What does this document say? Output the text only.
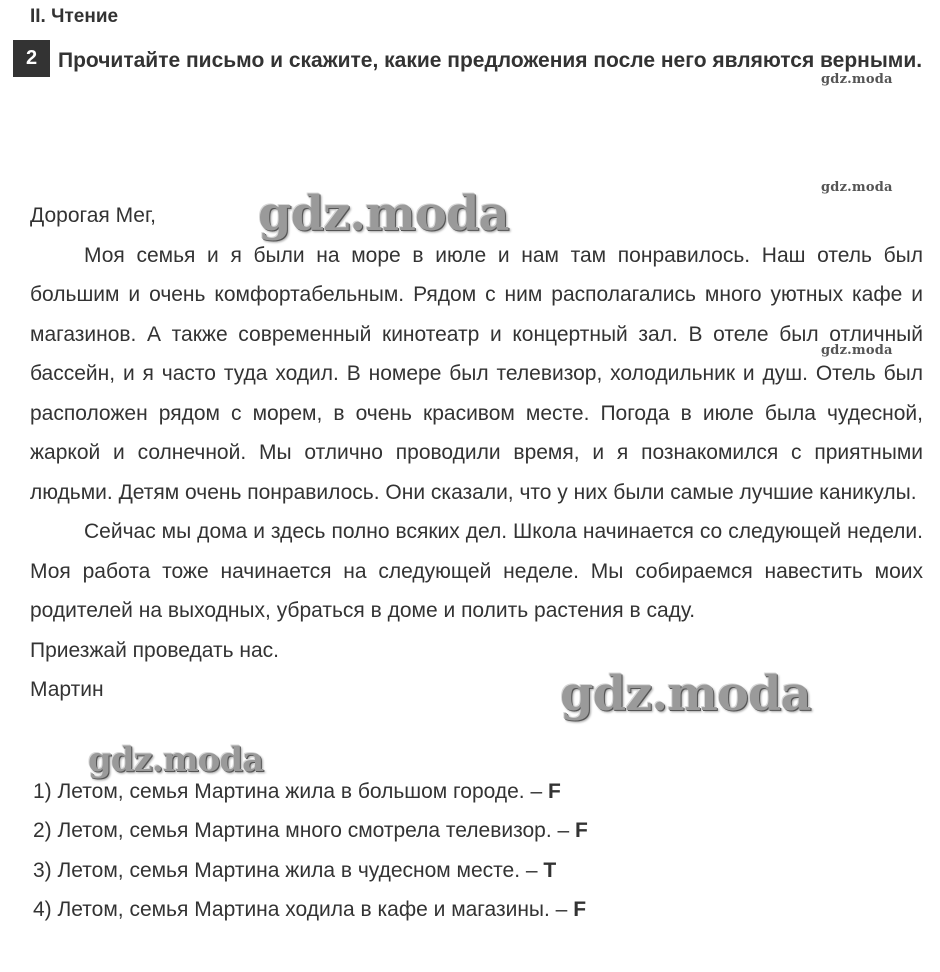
II. Чтение
2 Прочитайте письмо и скажите, какие предложения после него являются верными.

Дорогая Мег,

Моя семья и я были на море в июле и нам там понравилось. Наш отель был большим и очень комфортабельным. Рядом с ним располагались много уютных кафе и магазинов. А также современный кинотеатр и концертный зал. В отеле был отличный бассейн, и я часто туда ходил. В номере был телевизор, холодильник и душ. Отель был расположен рядом с морем, в очень красивом месте. Погода в июле была чудесной, жаркой и солнечной. Мы отлично проводили время, и я познакомился с приятными людьми. Детям очень понравилось. Они сказали, что у них были самые лучшие каникулы.

Сейчас мы дома и здесь полно всяких дел. Школа начинается со следующей недели. Моя работа тоже начинается на следующей неделе. Мы собираемся навестить моих родителей на выходных, убраться в доме и полить растения в саду.

Приезжай проведать нас.

Мартин

1) Летом, семья Мартина жила в большом городе. – F
2) Летом, семья Мартина много смотрела телевизор. – F
3) Летом, семья Мартина жила в чудесном месте. – T
4) Летом, семья Мартина ходила в кафе и магазины. – F
gdz.moda
gdz.moda
gdz.moda
gdz.moda
gdz.moda
gdz.moda
